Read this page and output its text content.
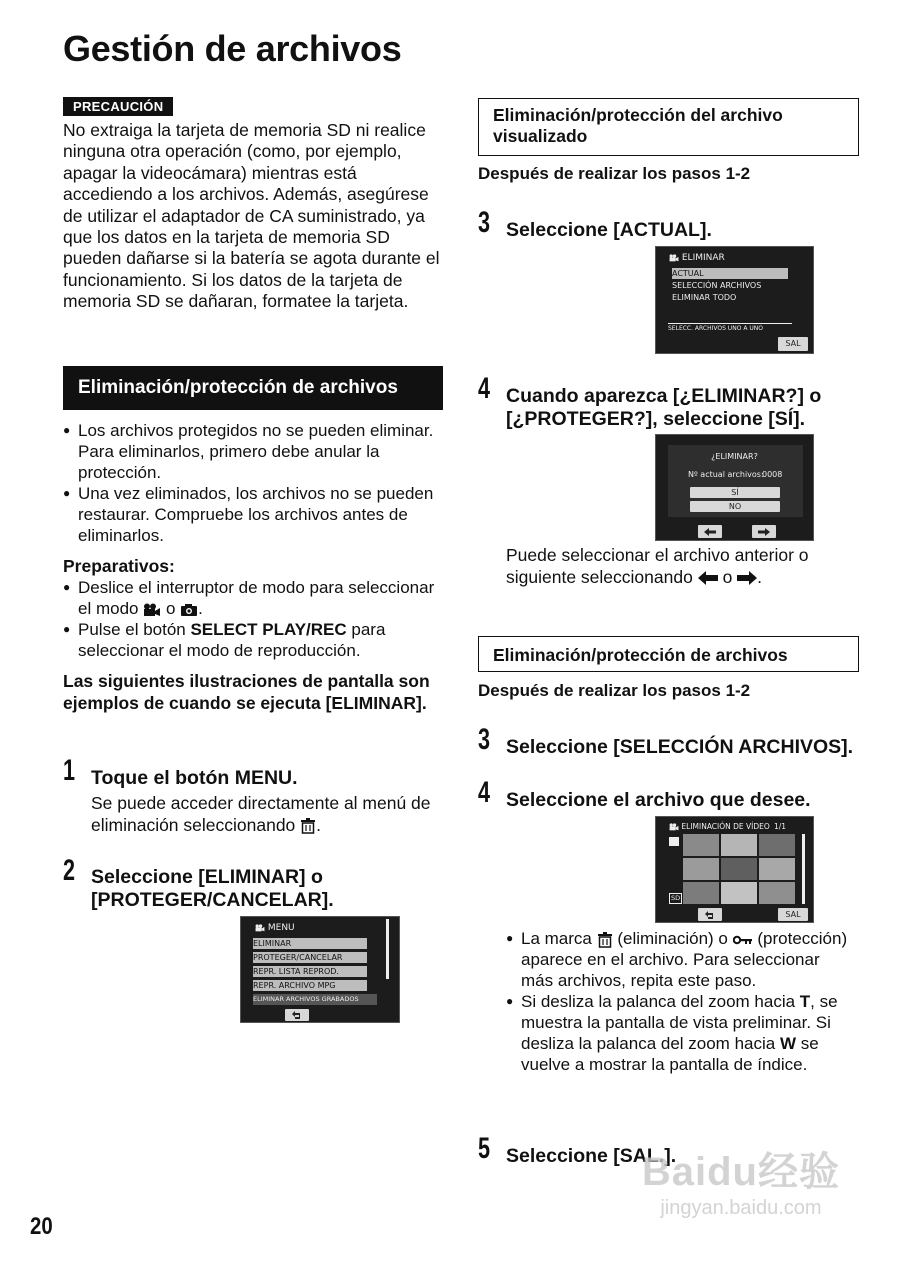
Gestión de archivos
PRECAUCIÓN
No extraiga la tarjeta de memoria SD ni realice ninguna otra operación (como, por ejemplo, apagar la videocámara) mientras está accediendo a los archivos. Además, asegúrese de utilizar el adaptador de CA suministrado, ya que los datos en la tarjeta de memoria SD pueden dañarse si la batería se agota durante el funcionamiento. Si los datos de la tarjeta de memoria SD se dañaran, formatee la tarjeta.
Eliminación/protección de archivos
● Los archivos protegidos no se pueden eliminar. Para eliminarlos, primero debe anular la protección.
● Una vez eliminados, los archivos no se pueden restaurar. Compruebe los archivos antes de eliminarlos.
Preparativos:
● Deslice el interruptor de modo para seleccionar el modo o .
● Pulse el botón SELECT PLAY/REC para seleccionar el modo de reproducción.
Las siguientes ilustraciones de pantalla son ejemplos de cuando se ejecuta [ELIMINAR].
1 Toque el botón MENU.
Se puede acceder directamente al menú de eliminación seleccionando .
2 Seleccione [ELIMINAR] o [PROTEGER/CANCELAR].
MENU
ELIMINAR
PROTEGER/CANCELAR
REPR. LISTA REPROD.
REPR. ARCHIVO MPG
ELIMINAR ARCHIVOS GRABADOS
Eliminación/protección del archivo visualizado
Después de realizar los pasos 1-2
3 Seleccione [ACTUAL].
ELIMINAR
ACTUAL
SELECCIÓN ARCHIVOS
ELIMINAR TODO
SELECC. ARCHIVOS UNO A UNO
SAL
4 Cuando aparezca [¿ELIMINAR?] o [¿PROTEGER?], seleccione [SÍ].
¿ELIMINAR?
Nº actual archivos:
0008
SÍ
NO
Puede seleccionar el archivo anterior o siguiente seleccionando o .
Eliminación/protección de archivos
Después de realizar los pasos 1-2
3 Seleccione [SELECCIÓN ARCHIVOS].
4 Seleccione el archivo que desee.
ELIMINACIÓN DE VÍDEO 1/1
SD
SAL
● La marca (eliminación) o (protección) aparece en el archivo. Para seleccionar más archivos, repita este paso.
● Si desliza la palanca del zoom hacia T, se muestra la pantalla de vista preliminar. Si desliza la palanca del zoom hacia W se vuelve a mostrar la pantalla de índice.
5 Seleccione [SAL.].
20
Baidu经验
jingyan.baidu.com
